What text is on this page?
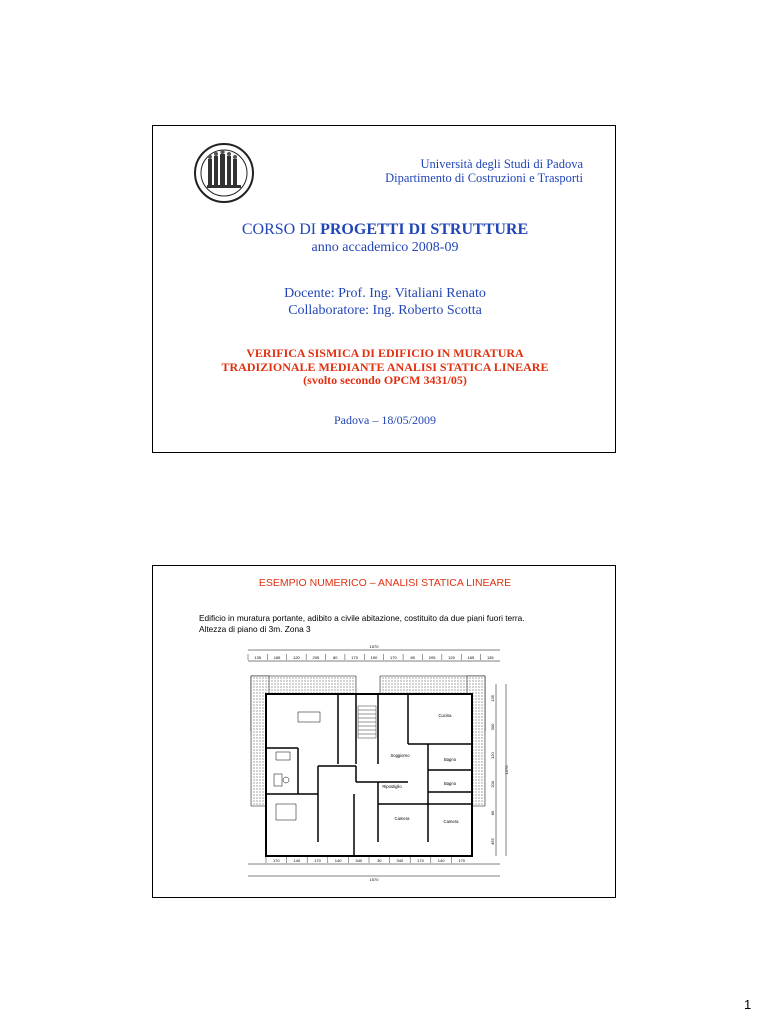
Università degli Studi di Padova
Dipartimento di Costruzioni e Trasporti
CORSO DI PROGETTI DI STRUTTURE
anno accademico 2008-09
Docente: Prof. Ing. Vitaliani Renato
Collaboratore: Ing. Roberto Scotta
VERIFICA SISMICA DI EDIFICIO IN MURATURA
TRADIZIONALE MEDIANTE ANALISI STATICA LINEARE
(svolto secondo OPCM 3431/05)
Padova – 18/05/2009
ESEMPIO NUMERICO – ANALISI STATICA LINEARE
Edificio in muratura portante, adibito a civile abitazione, costituito da due piani fuori terra.
Altezza di piano di 3m. Zona 3
1570
135	165	120	205	80	170	190	170	80	205	120	165	135
Cucina
Soggiorno
Bagno
Ripostiglio
Bagno
Camera
Camera
135
300
120
200
80
455
1570
170	140	170	140	340	30	340	170	140	170
1570
1
